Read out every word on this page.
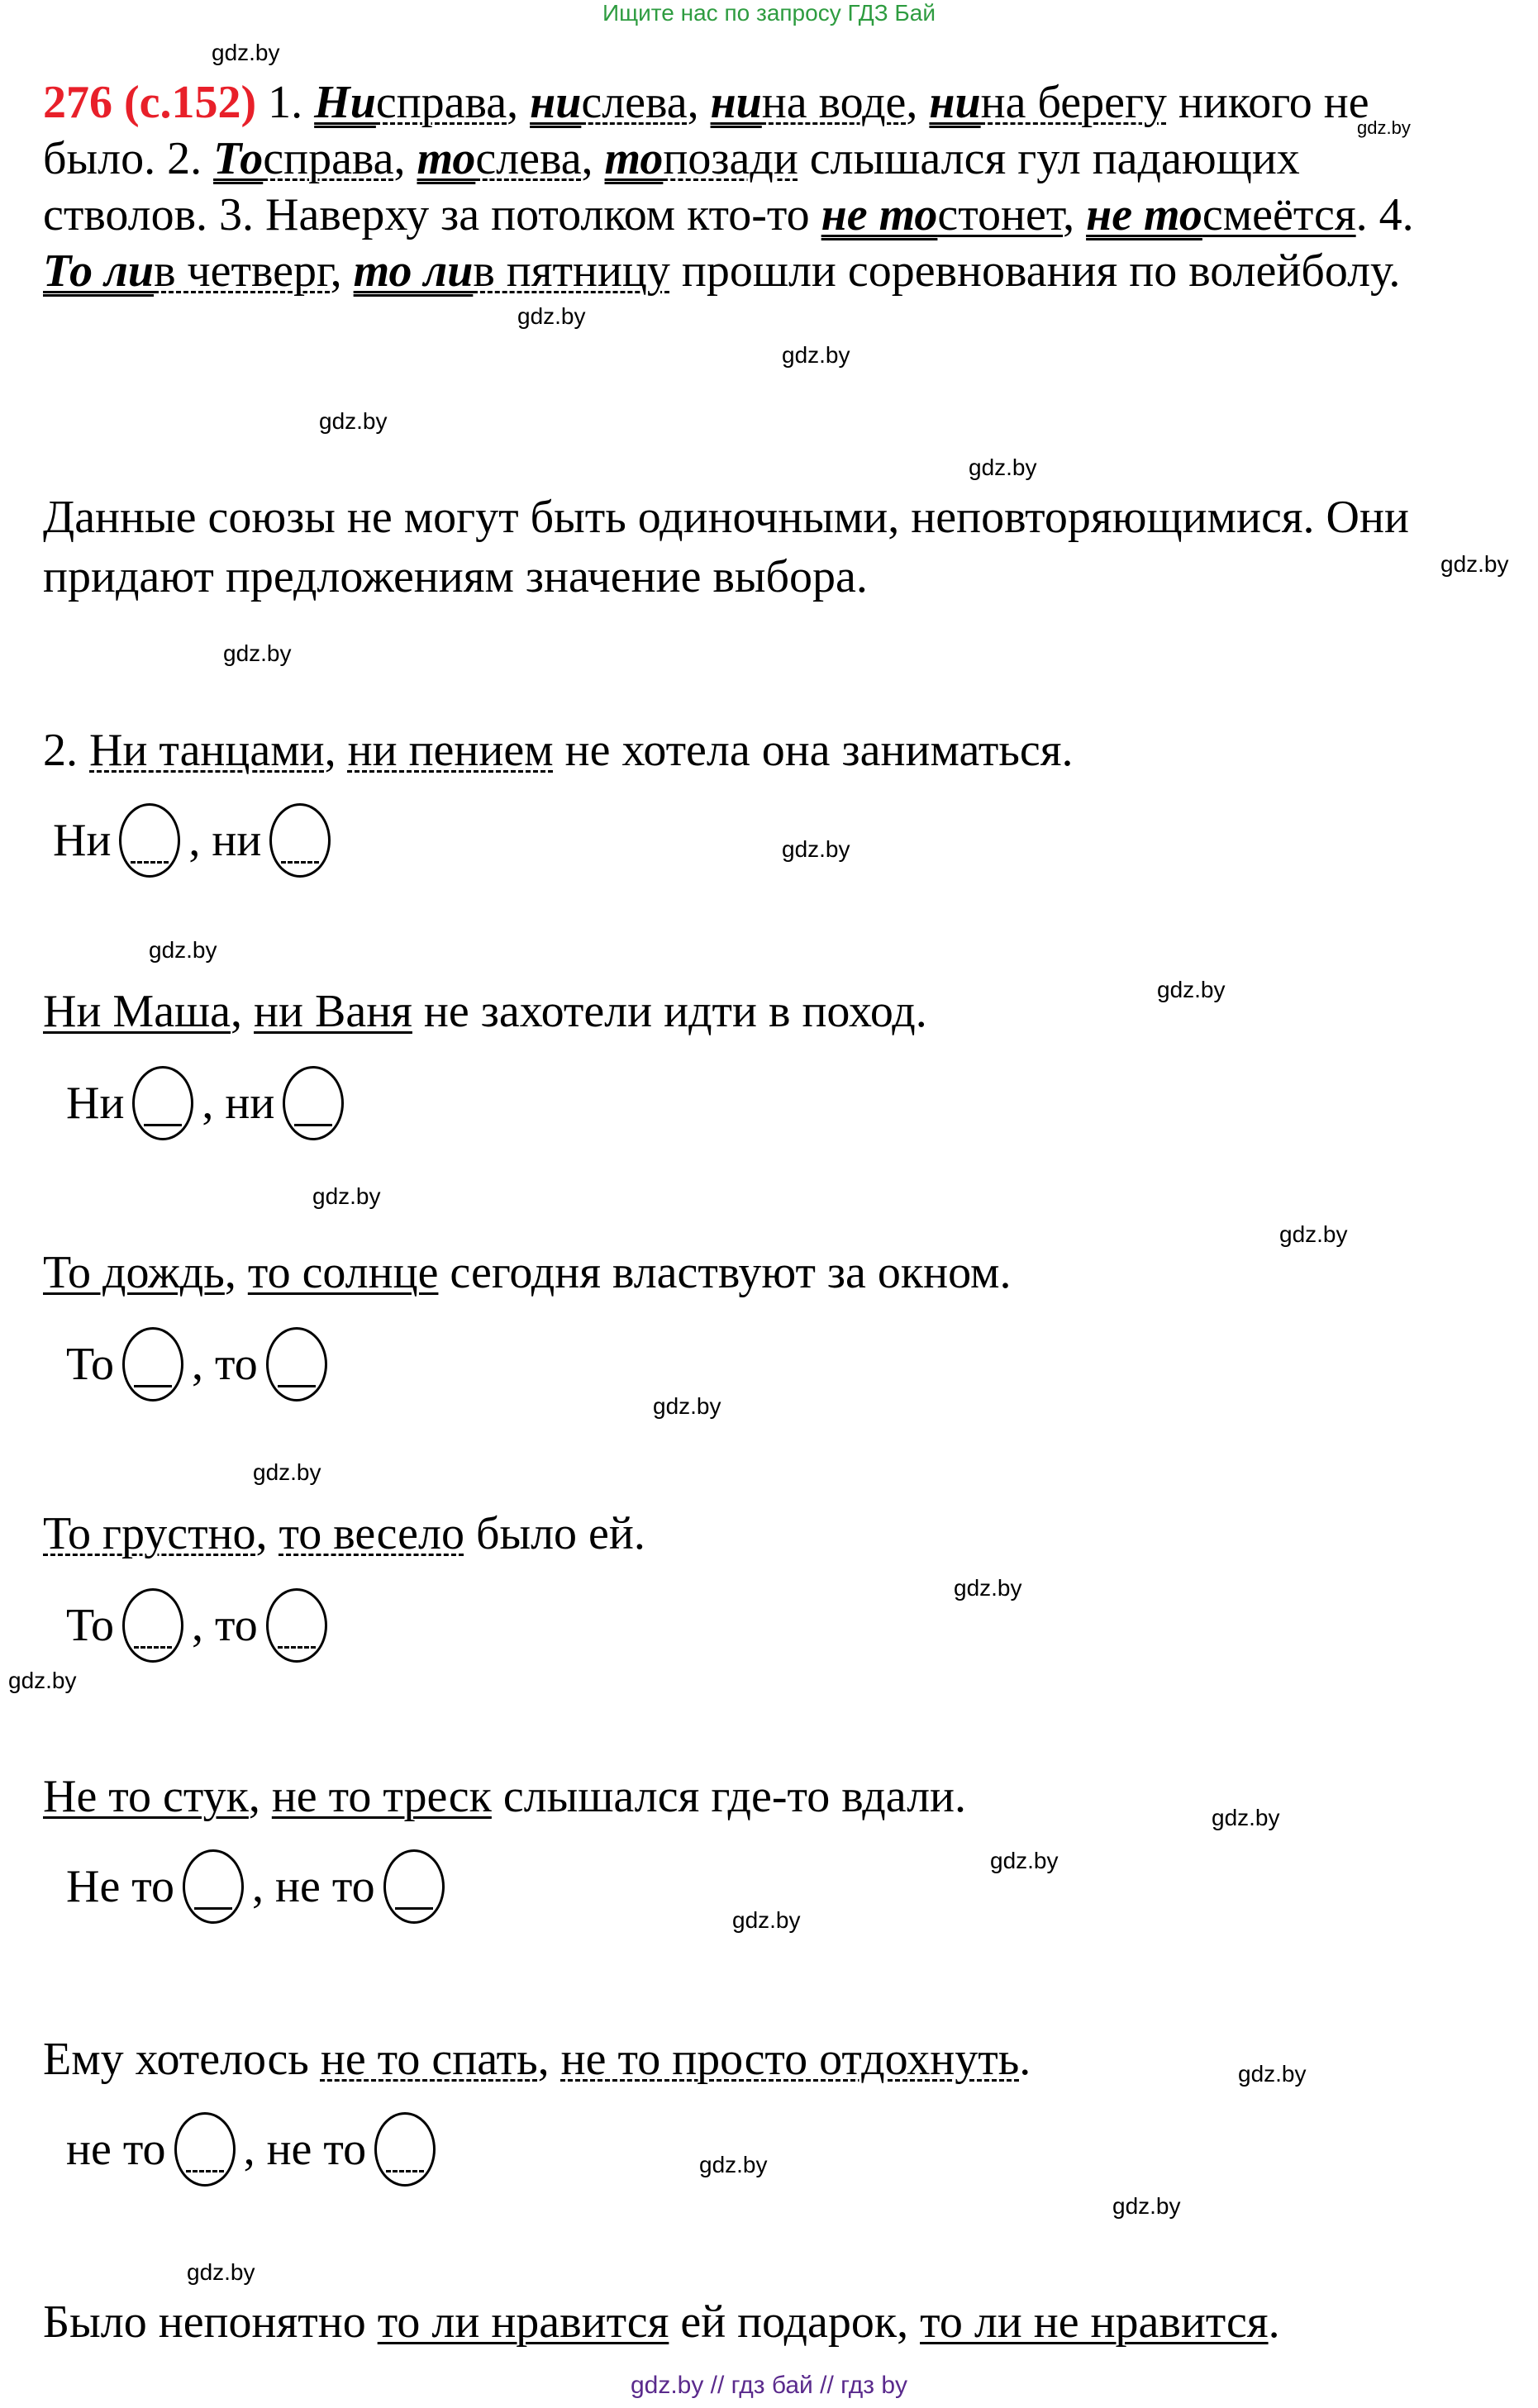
Ищите нас по запросу ГДЗ Бай
gdz.by
gdz.by
gdz.by
gdz.by
gdz.by
gdz.by
gdz.by
gdz.by
gdz.by
gdz.by
gdz.by
gdz.by
gdz.by
gdz.by
gdz.by
gdz.by
gdz.by
gdz.by
gdz.by
gdz.by
gdz.by
gdz.by
gdz.by
gdz.by
276 (с.152) 1. Нисправа, нислева, нина воде, нина берегу никого не
было. 2. Тосправа, тослева, топозади слышался гул падающих
стволов. 3. Наверху за потолком кто-то не тостонет, не тосмеётся. 4.
То лив четверг, то лив пятницу прошли соревнования по волейболу.
Данные союзы не могут быть одиночными, неповторяющимися. Они
придают предложениям значение выбора.
2. Ни танцами, ни пением не хотела она заниматься.
Ни , ни
Ни Маша, ни Ваня не захотели идти в поход.
Ни , ни
То дождь, то солнце сегодня властвуют за окном.
То , то
То грустно, то весело было ей.
То , то
Не то стук, не то треск слышался где-то вдали.
Не то , не то
Ему хотелось не то спать, не то просто отдохнуть.
не то , не то
Было непонятно то ли нравится ей подарок, то ли не нравится.
gdz.by // гдз бай // гдз by
